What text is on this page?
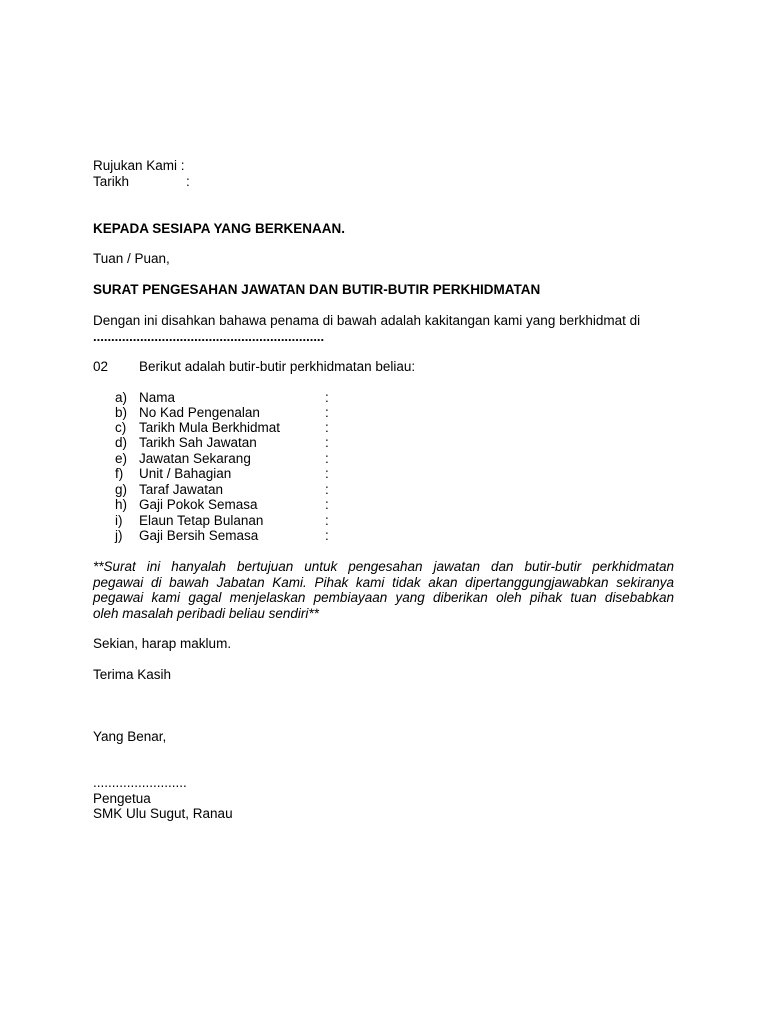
Rujukan Kami :
Tarikh	:
KEPADA SESIAPA YANG BERKENAAN.
Tuan / Puan,
SURAT PENGESAHAN JAWATAN DAN BUTIR-BUTIR PERKHIDMATAN
Dengan ini disahkan bahawa penama di bawah adalah kakitangan kami yang berkhidmat di
................................................................
02 Berikut adalah butir-butir perkhidmatan beliau:
a) Nama	:
b) No Kad Pengenalan	:
c) Tarikh Mula Berkhidmat	:
d) Tarikh Sah Jawatan	:
e) Jawatan Sekarang	:
f) Unit / Bahagian	:
g) Taraf Jawatan	:
h) Gaji Pokok Semasa	:
i) Elaun Tetap Bulanan	:
j) Gaji Bersih Semasa	:
**Surat ini hanyalah bertujuan untuk pengesahan jawatan dan butir-butir perkhidmatan
pegawai di bawah Jabatan Kami. Pihak kami tidak akan dipertanggungjawabkan sekiranya
pegawai kami gagal menjelaskan pembiayaan yang diberikan oleh pihak tuan disebabkan
oleh masalah peribadi beliau sendiri**
Sekian, harap maklum.
Terima Kasih
Yang Benar,
.........................
Pengetua
SMK Ulu Sugut, Ranau
